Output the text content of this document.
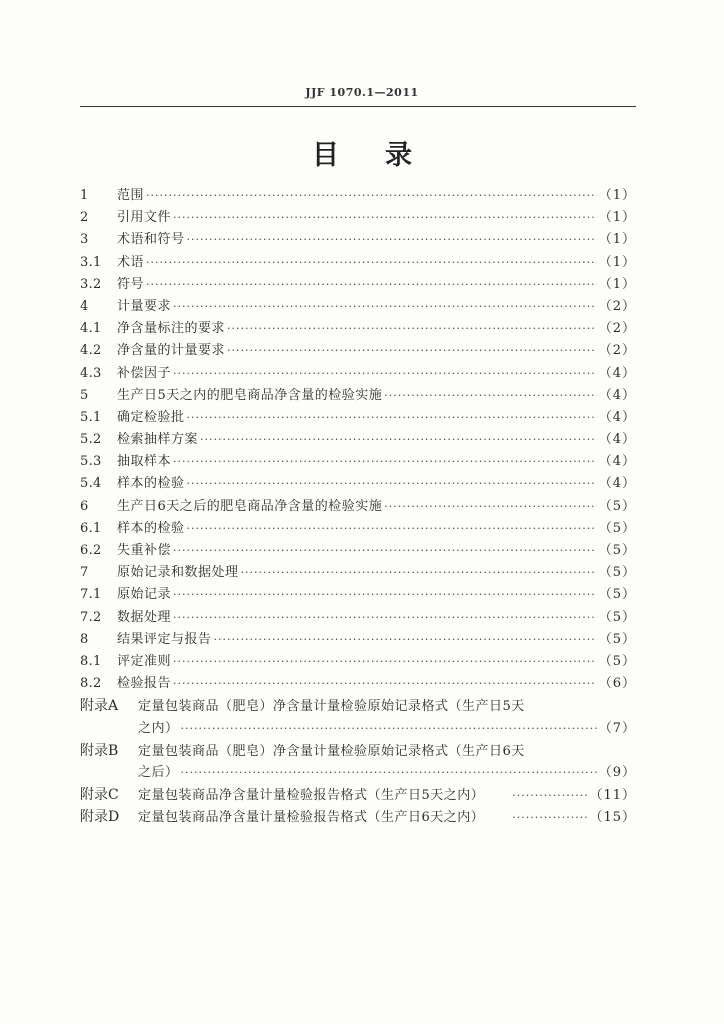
JJF 1070.1—2011
目 录
1	范围 ·····	（1）
2	引用文件 ·····	（1）
3	术语和符号 ·····	（1）
3.1	术语 ·····	（1）
3.2	符号 ·····	（1）
4	计量要求 ·····	（2）
4.1	净含量标注的要求 ·····	（2）
4.2	净含量的计量要求 ·····	（2）
4.3	补偿因子 ·····	（4）
5	生产日5天之内的肥皂商品净含量的检验实施 ·····	（4）
5.1	确定检验批 ·····	（4）
5.2	检索抽样方案 ·····	（4）
5.3	抽取样本 ·····	（4）
5.4	样本的检验 ·····	（4）
6	生产日6天之后的肥皂商品净含量的检验实施 ·····	（5）
6.1	样本的检验 ·····	（5）
6.2	失重补偿 ·····	（5）
7	原始记录和数据处理 ·····	（5）
7.1	原始记录 ·····	（5）
7.2	数据处理 ·····	（5）
8	结果评定与报告 ·····	（5）
8.1	评定准则 ·····	（5）
8.2	检验报告 ·····	（6）
附录A	定量包装商品（肥皂）净含量计量检验原始记录格式（生产日5天
之内） ·····	（7）
附录B	定量包装商品（肥皂）净含量计量检验原始记录格式（生产日6天
之后） ·····	（9）
附录C	定量包装商品净含量计量检验报告格式（生产日5天之内） ·····	（11）
附录D	定量包装商品净含量计量检验报告格式（生产日6天之内） ·····	（15）
